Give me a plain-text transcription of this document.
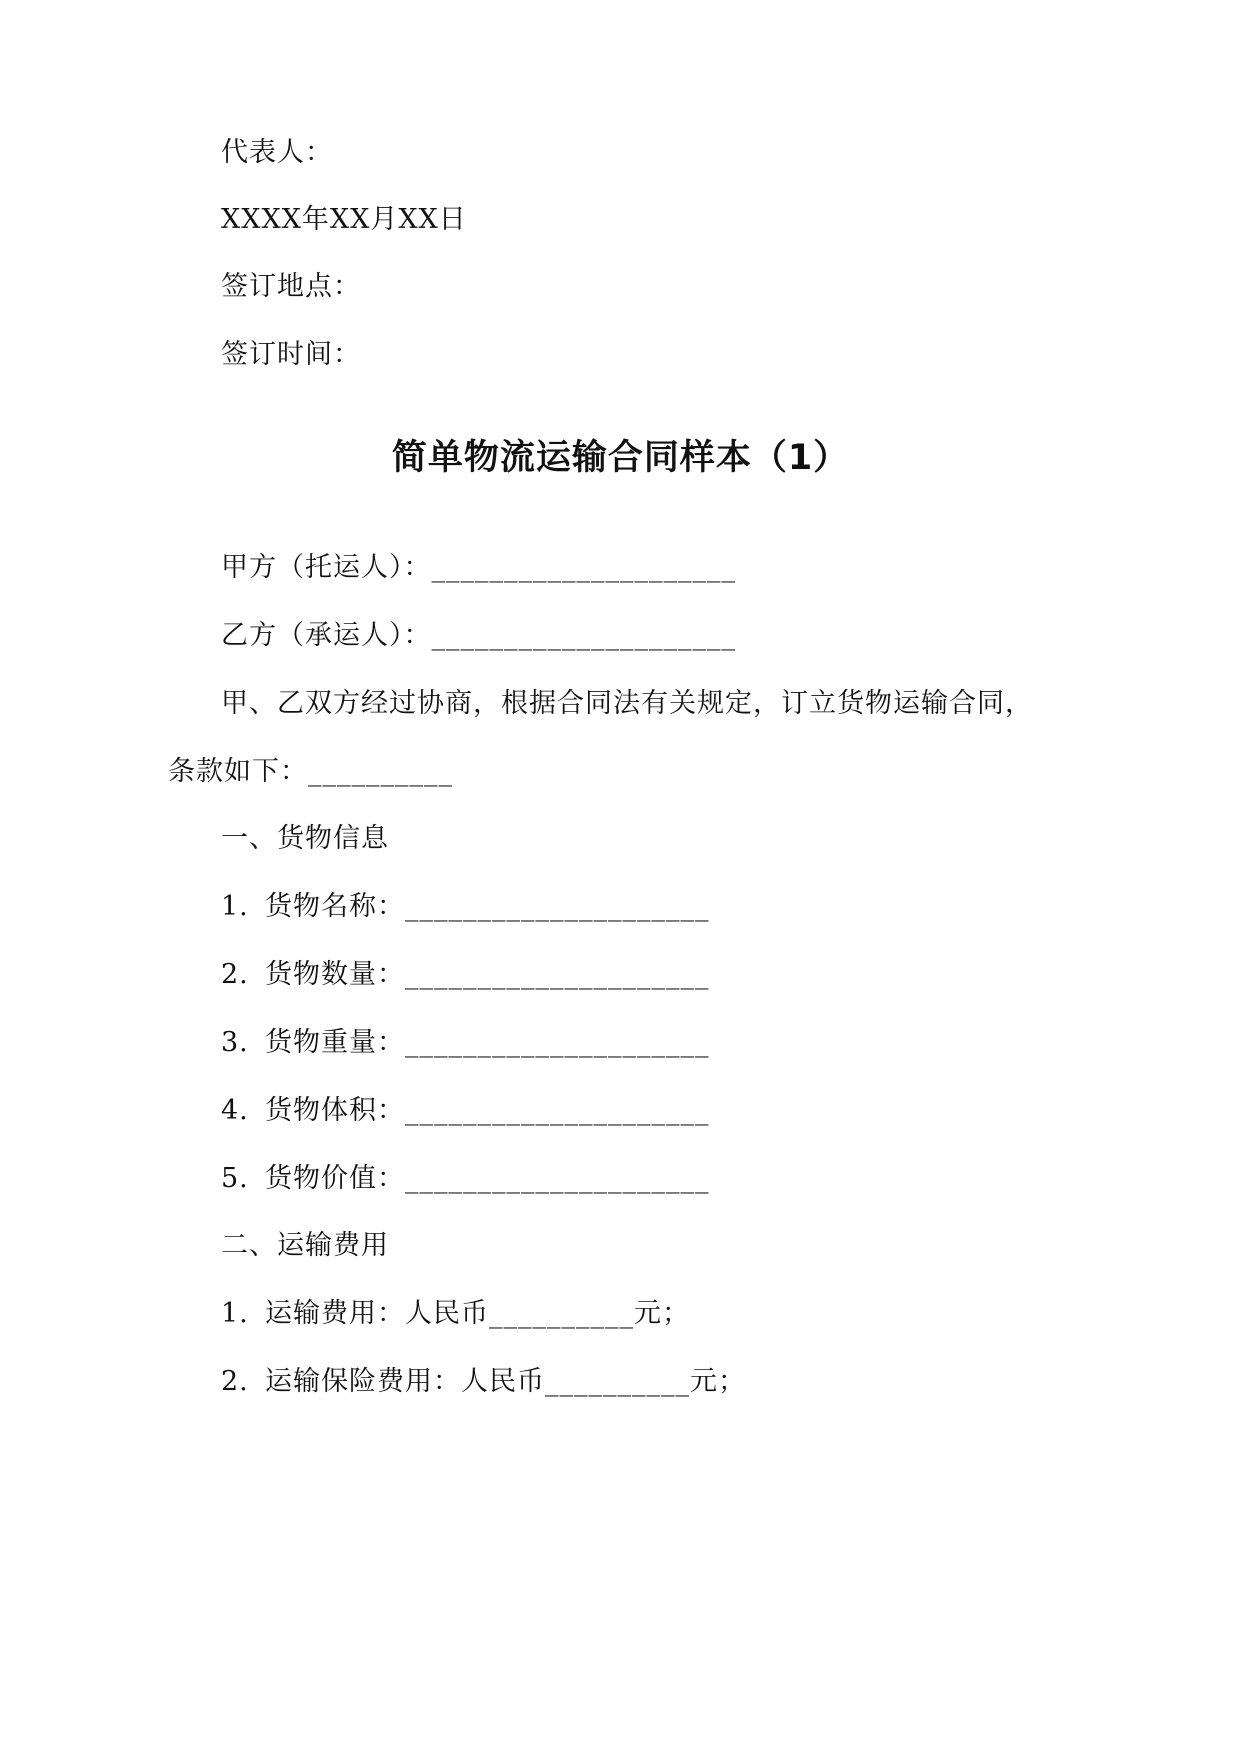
代表人：
XXXX年XX月XX日
签订地点：
签订时间：
简单物流运输合同样本（1）
甲方（托运人）：_____________________
乙方（承运人）：_____________________
甲、乙双方经过协商，根据合同法有关规定，订立货物运输合同，
条款如下：__________
一、货物信息
1. 货物名称：_____________________
2. 货物数量：_____________________
3. 货物重量：_____________________
4. 货物体积：_____________________
5. 货物价值：_____________________
二、运输费用
1. 运输费用：人民币__________元；
2. 运输保险费用：人民币__________元；
